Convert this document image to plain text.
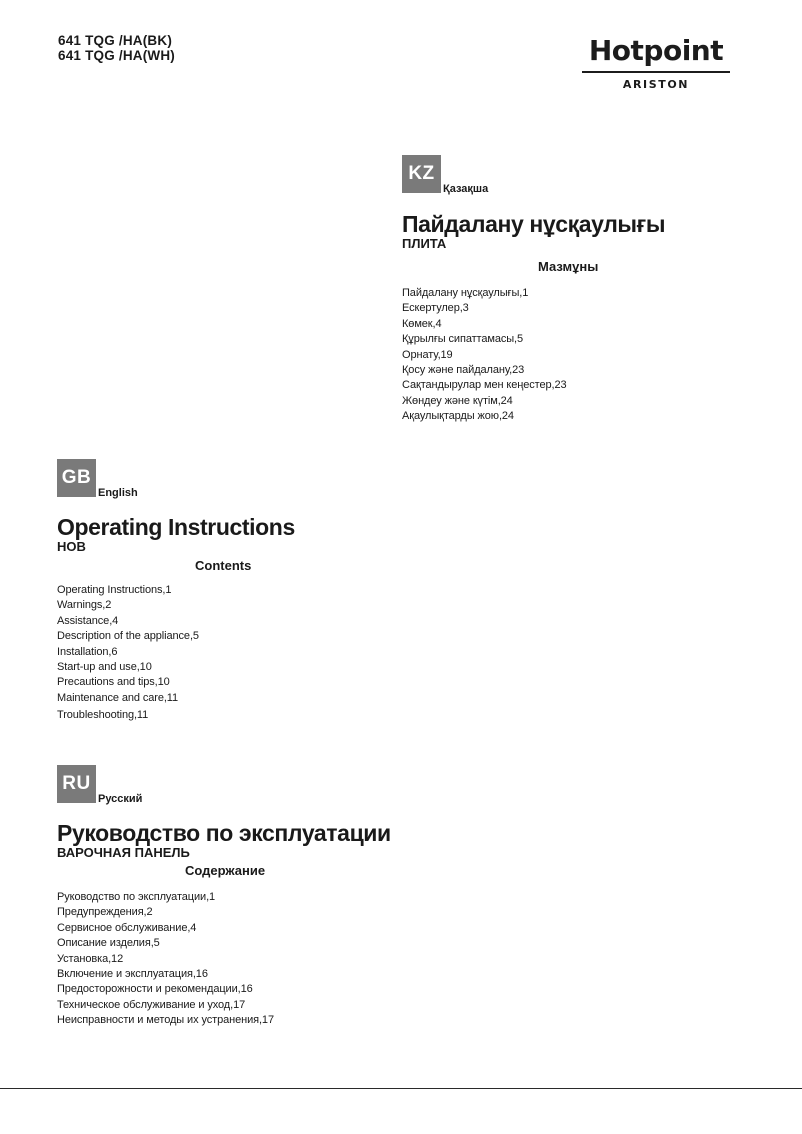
641 TQG /HA(BK)
641 TQG /HA(WH)	Hotpoint
ARISTON
KZ
Қазақша
Пайдалану нұсқаулығы
ПЛИТА
Мазмұны
Пайдалану нұсқаулығы,1
Ескертулер,3
Көмек,4
Құрылғы сипаттамасы,5
Орнату,19
Қосу және пайдалану,23
Сақтандырулар мен кеңестер,23
Жөндеу және күтім,24
Ақаулықтарды жою,24
GB
English
Operating Instructions
HOB
Contents
Operating Instructions,1
Warnings,2
Assistance,4
Description of the appliance,5
Installation,6
Start-up and use,10
Precautions and tips,10
Maintenance and care,11
Troubleshooting,11
RU
Русский
Руководство по эксплуатации
ВАРОЧНАЯ ПАНЕЛЬ
Содержание
Руководство по эксплуатации,1
Предупреждения,2
Сервисное обслуживание,4
Описание изделия,5
Установка,12
Включение и эксплуатация,16
Предосторожности и рекомендации,16
Техническое обслуживание и уход,17
Неисправности и методы их устранения,17
